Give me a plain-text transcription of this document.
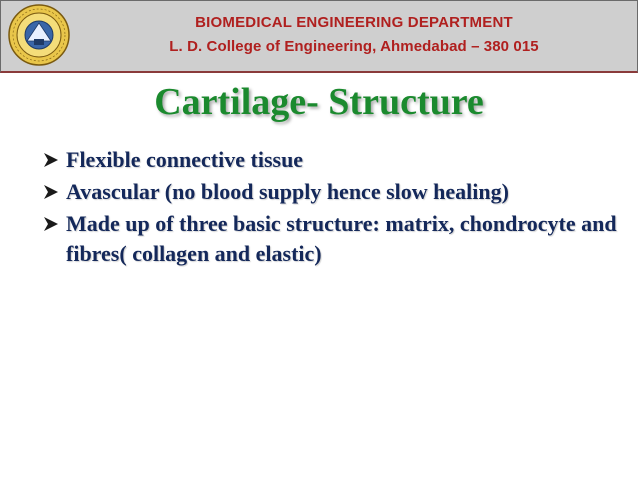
BIOMEDICAL ENGINEERING DEPARTMENT
L. D. College of Engineering, Ahmedabad – 380 015
Cartilage- Structure
Flexible connective tissue
Avascular (no blood supply hence slow healing)
Made up of three basic structure: matrix, chondrocyte and fibres( collagen and elastic)
